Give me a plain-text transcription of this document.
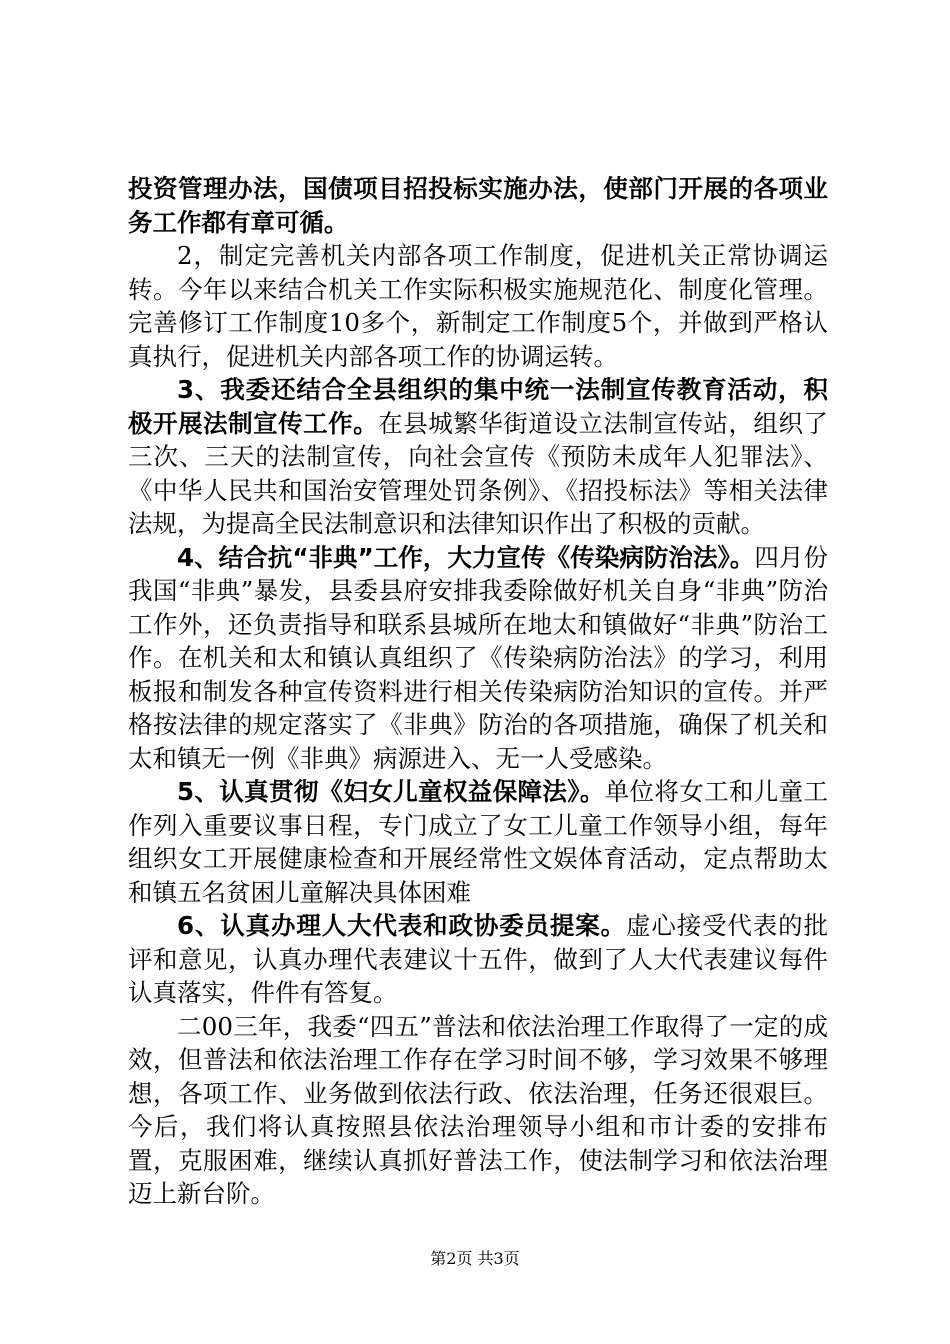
投资管理办法，国债项目招投标实施办法，使部门开展的各项业务工作都有章可循。

2，制定完善机关内部各项工作制度，促进机关正常协调运转。今年以来结合机关工作实际积极实施规范化、制度化管理。完善修订工作制度10多个，新制定工作制度5个，并做到严格认真执行，促进机关内部各项工作的协调运转。

3、我委还结合全县组织的集中统一法制宣传教育活动，积极开展法制宣传工作。在县城繁华街道设立法制宣传站，组织了三次、三天的法制宣传，向社会宣传《预防未成年人犯罪法》、《中华人民共和国治安管理处罚条例》、《招投标法》等相关法律法规，为提高全民法制意识和法律知识作出了积极的贡献。

4、结合抗“非典”工作，大力宣传《传染病防治法》。四月份我国“非典”暴发，县委县府安排我委除做好机关自身“非典”防治工作外，还负责指导和联系县城所在地太和镇做好“非典”防治工作。在机关和太和镇认真组织了《传染病防治法》的学习，利用板报和制发各种宣传资料进行相关传染病防治知识的宣传。并严格按法律的规定落实了《非典》防治的各项措施，确保了机关和太和镇无一例《非典》病源进入、无一人受感染。

5、认真贯彻《妇女儿童权益保障法》。单位将女工和儿童工作列入重要议事日程，专门成立了女工儿童工作领导小组，每年组织女工开展健康检查和开展经常性文娱体育活动，定点帮助太和镇五名贫困儿童解决具体困难

6、认真办理人大代表和政协委员提案。虚心接受代表的批评和意见，认真办理代表建议十五件，做到了人大代表建议每件认真落实，件件有答复。

二00三年，我委“四五”普法和依法治理工作取得了一定的成效，但普法和依法治理工作存在学习时间不够，学习效果不够理想，各项工作、业务做到依法行政、依法治理，任务还很艰巨。今后，我们将认真按照县依法治理领导小组和市计委的安排布置，克服困难，继续认真抓好普法工作，使法制学习和依法治理迈上新台阶。

第2页 共3页
